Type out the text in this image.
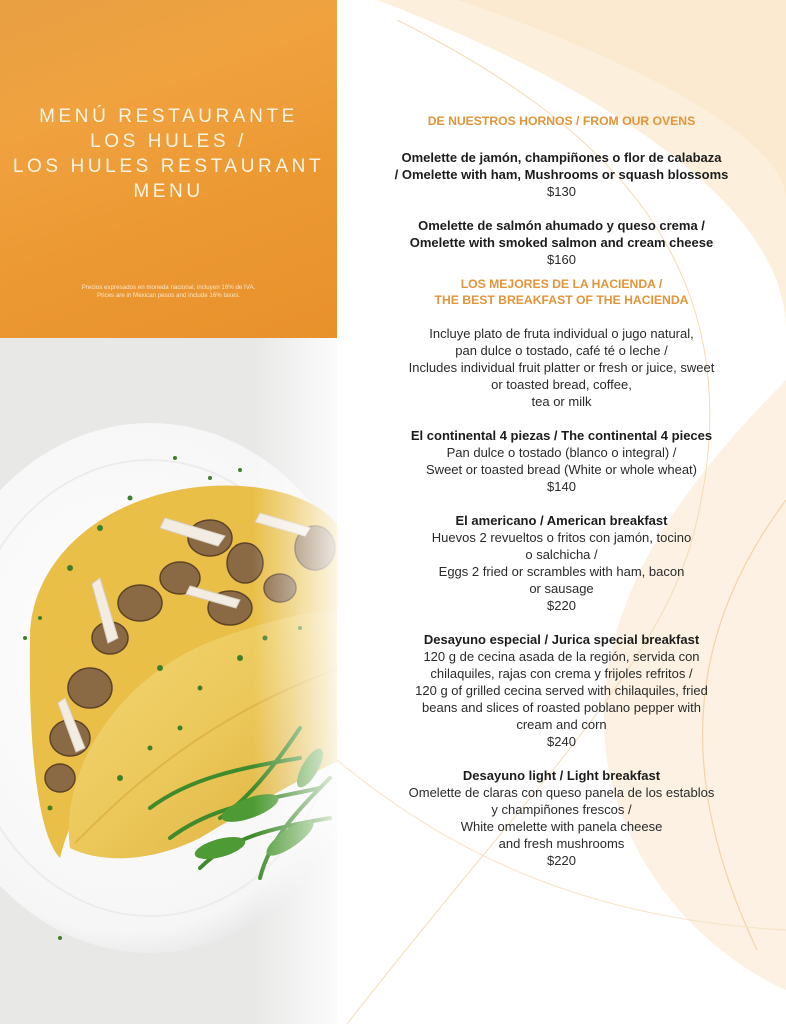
MENÚ RESTAURANTE
LOS HULES /
LOS HULES RESTAURANT
MENU
Precios expresados en moneda nacional, incluyen 16% de IVA.
Prices are in Mexican pesos and include 16% taxes.
DE NUESTROS HORNOS / FROM OUR OVENS
Omelette de jamón, champiñones o flor de calabaza
/ Omelette with ham, Mushrooms or squash blossoms
$130
Omelette de salmón ahumado y queso crema /
Omelette with smoked salmon and cream cheese
$160
LOS MEJORES DE LA HACIENDA /
THE BEST BREAKFAST OF THE HACIENDA
Incluye plato de fruta individual o jugo natural,
pan dulce o tostado, café té o leche /
Includes individual fruit platter or fresh or juice, sweet
or toasted bread, coffee,
tea or milk
El continental 4 piezas / The continental 4 pieces
Pan dulce o tostado (blanco o integral) /
Sweet or toasted bread (White or whole wheat)
$140
El americano / American breakfast
Huevos 2 revueltos o fritos con jamón, tocino
o salchicha /
Eggs 2 fried or scrambles with ham, bacon
or sausage
$220
Desayuno especial / Jurica special breakfast
120 g de cecina asada de la región, servida con
chilaquiles, rajas con crema y frijoles refritos /
120 g of grilled cecina served with chilaquiles, fried
beans and slices of roasted poblano pepper with
cream and corn
$240
Desayuno light / Light breakfast
Omelette de claras con queso panela de los establos
y champiñones frescos /
White omelette with panela cheese
and fresh mushrooms
$220
